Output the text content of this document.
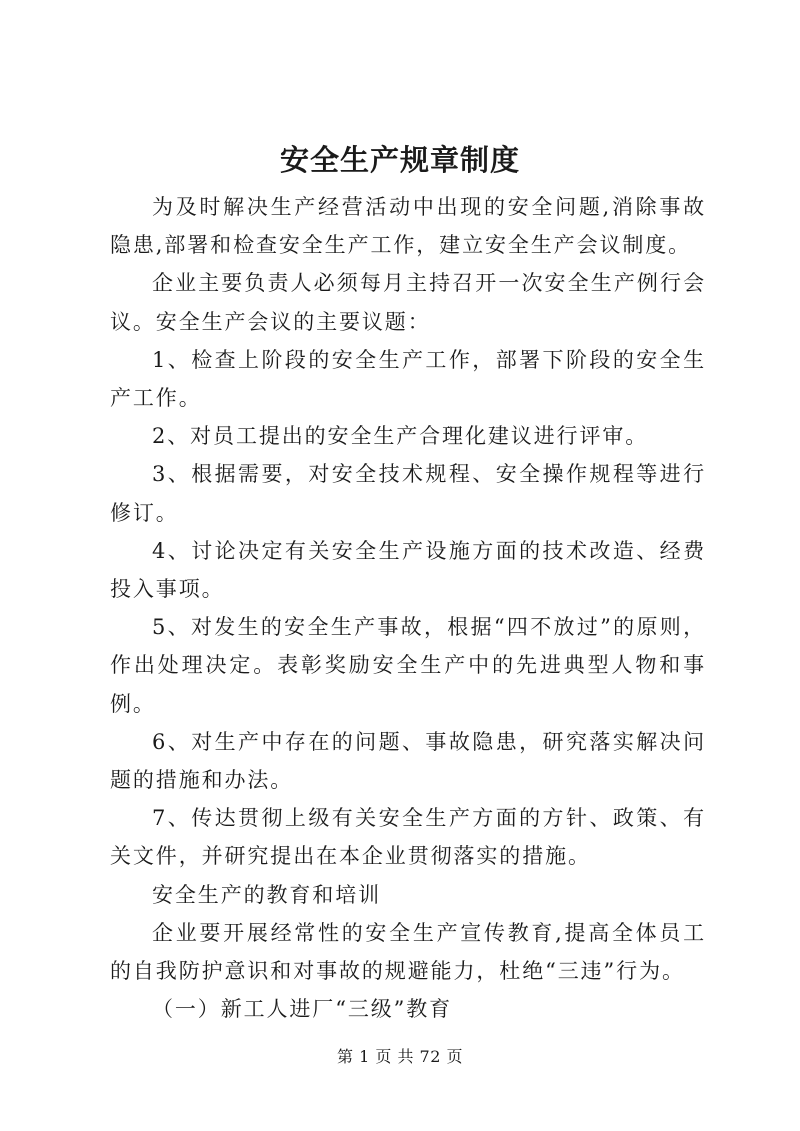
安全生产规章制度

为及时解决生产经营活动中出现的安全问题,消除事故隐患,部署和检查安全生产工作，建立安全生产会议制度。

企业主要负责人必须每月主持召开一次安全生产例行会议。安全生产会议的主要议题：

1、检查上阶段的安全生产工作，部署下阶段的安全生产工作。

2、对员工提出的安全生产合理化建议进行评审。

3、根据需要，对安全技术规程、安全操作规程等进行修订。

4、讨论决定有关安全生产设施方面的技术改造、经费投入事项。

5、对发生的安全生产事故，根据“四不放过”的原则，作出处理决定。表彰奖励安全生产中的先进典型人物和事例。

6、对生产中存在的问题、事故隐患，研究落实解决问题的措施和办法。

7、传达贯彻上级有关安全生产方面的方针、政策、有关文件，并研究提出在本企业贯彻落实的措施。

安全生产的教育和培训

企业要开展经常性的安全生产宣传教育,提高全体员工的自我防护意识和对事故的规避能力，杜绝“三违”行为。

（一）新工人进厂“三级”教育

第 1 页 共 72 页
